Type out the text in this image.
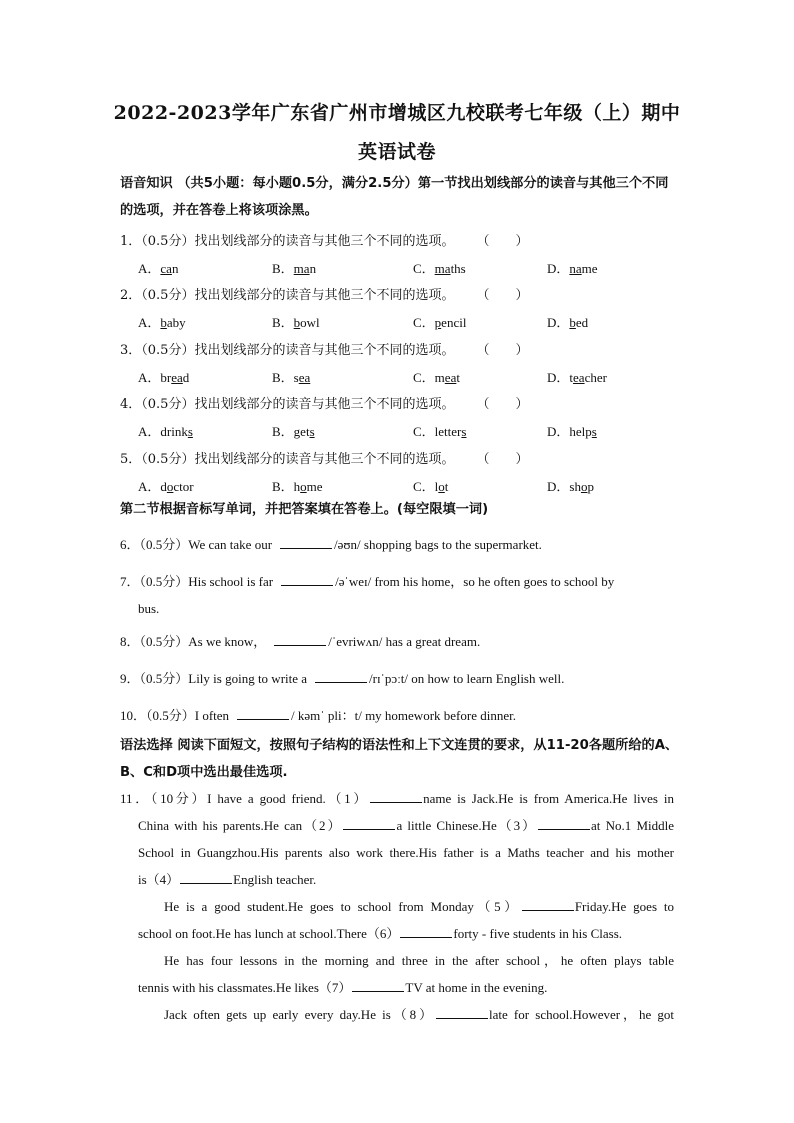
2022-2023学年广东省广州市增城区九校联考七年级（上）期中
英语试卷
语音知识 （共5小题：每小题0.5分，满分2.5分）第一节找出划线部分的读音与其他三个不同的选项，并在答卷上将该项涂黑。
1．（0.5分）找出划线部分的读音与其他三个不同的选项。 （　　）
A．can	B．man	C．maths	D．name
2．（0.5分）找出划线部分的读音与其他三个不同的选项。 （　　）
A．baby	B．bowl	C．pencil	D．bed
3．（0.5分）找出划线部分的读音与其他三个不同的选项。 （　　）
A．bread	B．sea	C．meat	D．teacher
4．（0.5分）找出划线部分的读音与其他三个不同的选项。 （　　）
A．drinks	B．gets	C．letters	D．helps
5．（0.5分）找出划线部分的读音与其他三个不同的选项。 （　　）
A．doctor	B．home	C．lot	D．shop
第二节根据音标写单词，并把答案填在答卷上。(每空限填一词)
6．（0.5分）We can take our	/əʊn/ shopping bags to the supermarket.
7．（0.5分）His school is far	/əˈweɪ/ from his home，so he often goes to school by
bus.
8．（0.5分）As we know，	/ˈevriwʌn/ has a great dream.
9．（0.5分）Lily is going to write a	/rɪˈpɔːt/ on how to learn English well.
10．（0.5分）I often	/ kəmˈ pli：t/ my homework before dinner.
语法选择 阅读下面短文，按照句子结构的语法性和上下文连贯的要求，从11-20各题所给的A、B、C和D项中选出最佳选项.
11．（10分）I have a good friend.（1）	name is Jack.He is from America.He lives in
China with his parents.He can（2）	a little Chinese.He（3）	at No.1 Middle
School in Guangzhou.His parents also work there.His father is a Maths teacher and his mother
is（4）	English teacher.
He is a good student.He goes to school from Monday（5）	Friday.He goes to
school on foot.He has lunch at school.There（6）	forty - five students in his Class.
He has four lessons in the morning and three in the after school，he often plays table
tennis with his classmates.He likes（7）	TV at home in the evening.
Jack often gets up early every day.He is（8）	late for school.However，he got
